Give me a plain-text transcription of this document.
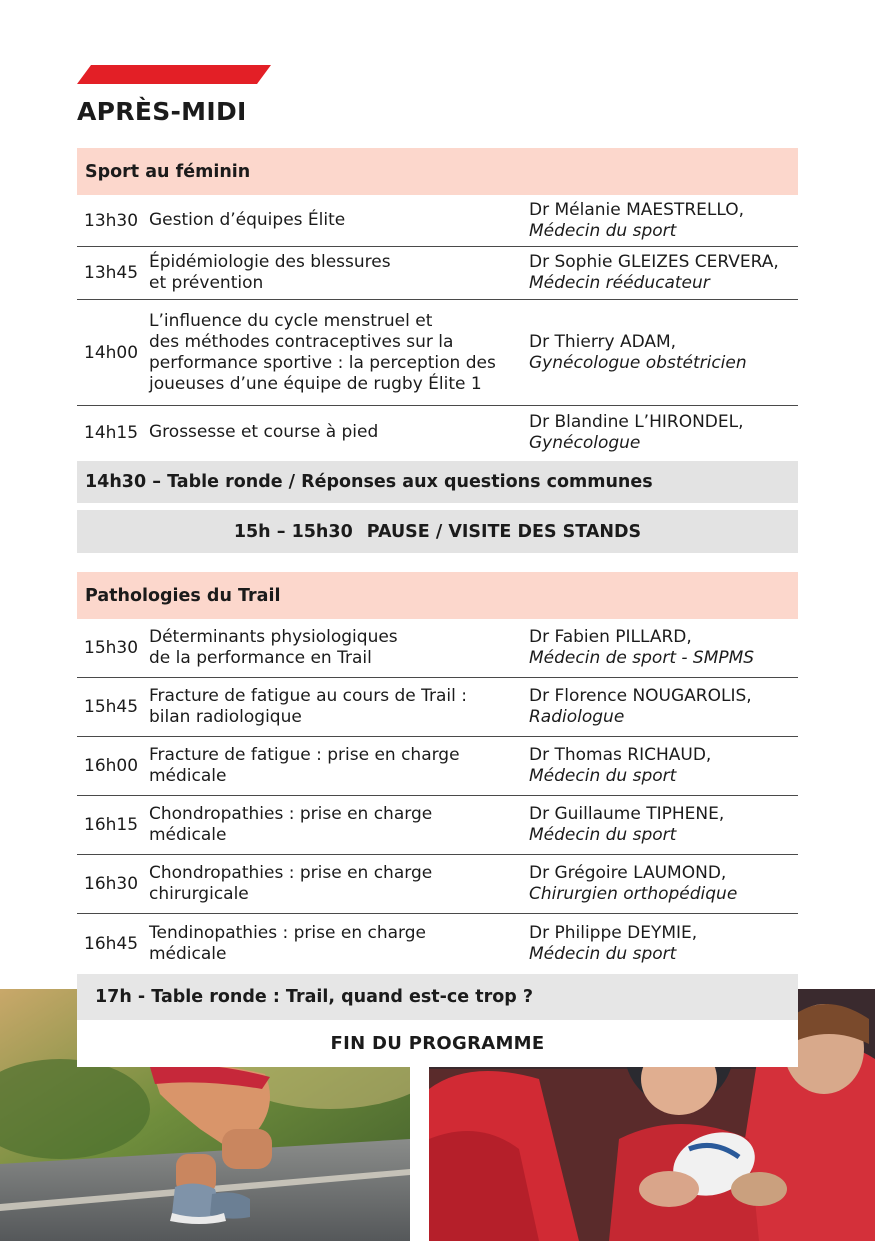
APRÈS-MIDI
Sport au féminin
13h30 Gestion d’équipes Élite
Dr Mélanie MAESTRELLO,
Médecin du sport
13h45
Épidémiologie des blessures
et prévention
Dr Sophie GLEIZES CERVERA,
Médecin rééducateur
14h00
L’influence du cycle menstruel et
des méthodes contraceptives sur la
performance sportive : la perception des
joueuses d’une équipe de rugby Élite 1
Dr Thierry ADAM,
Gynécologue obstétricien
14h15 Grossesse et course à pied
Dr Blandine L’HIRONDEL,
Gynécologue
14h30 – Table ronde / Réponses aux questions communes
15h – 15h30 PAUSE / VISITE DES STANDS
Pathologies du Trail
15h30
Déterminants physiologiques
de la performance en Trail
Dr Fabien PILLARD,
Médecin de sport - SMPMS
15h45
Fracture de fatigue au cours de Trail :
bilan radiologique
Dr Florence NOUGAROLIS,
Radiologue
16h00
Fracture de fatigue : prise en charge
médicale
Dr Thomas RICHAUD,
Médecin du sport
16h15
Chondropathies : prise en charge
médicale
Dr Guillaume TIPHENE,
Médecin du sport
16h30
Chondropathies : prise en charge
chirurgicale
Dr Grégoire LAUMOND,
Chirurgien orthopédique
16h45
Tendinopathies : prise en charge
médicale
Dr Philippe DEYMIE,
Médecin du sport
17h - Table ronde : Trail, quand est-ce trop ?
FIN DU PROGRAMME
